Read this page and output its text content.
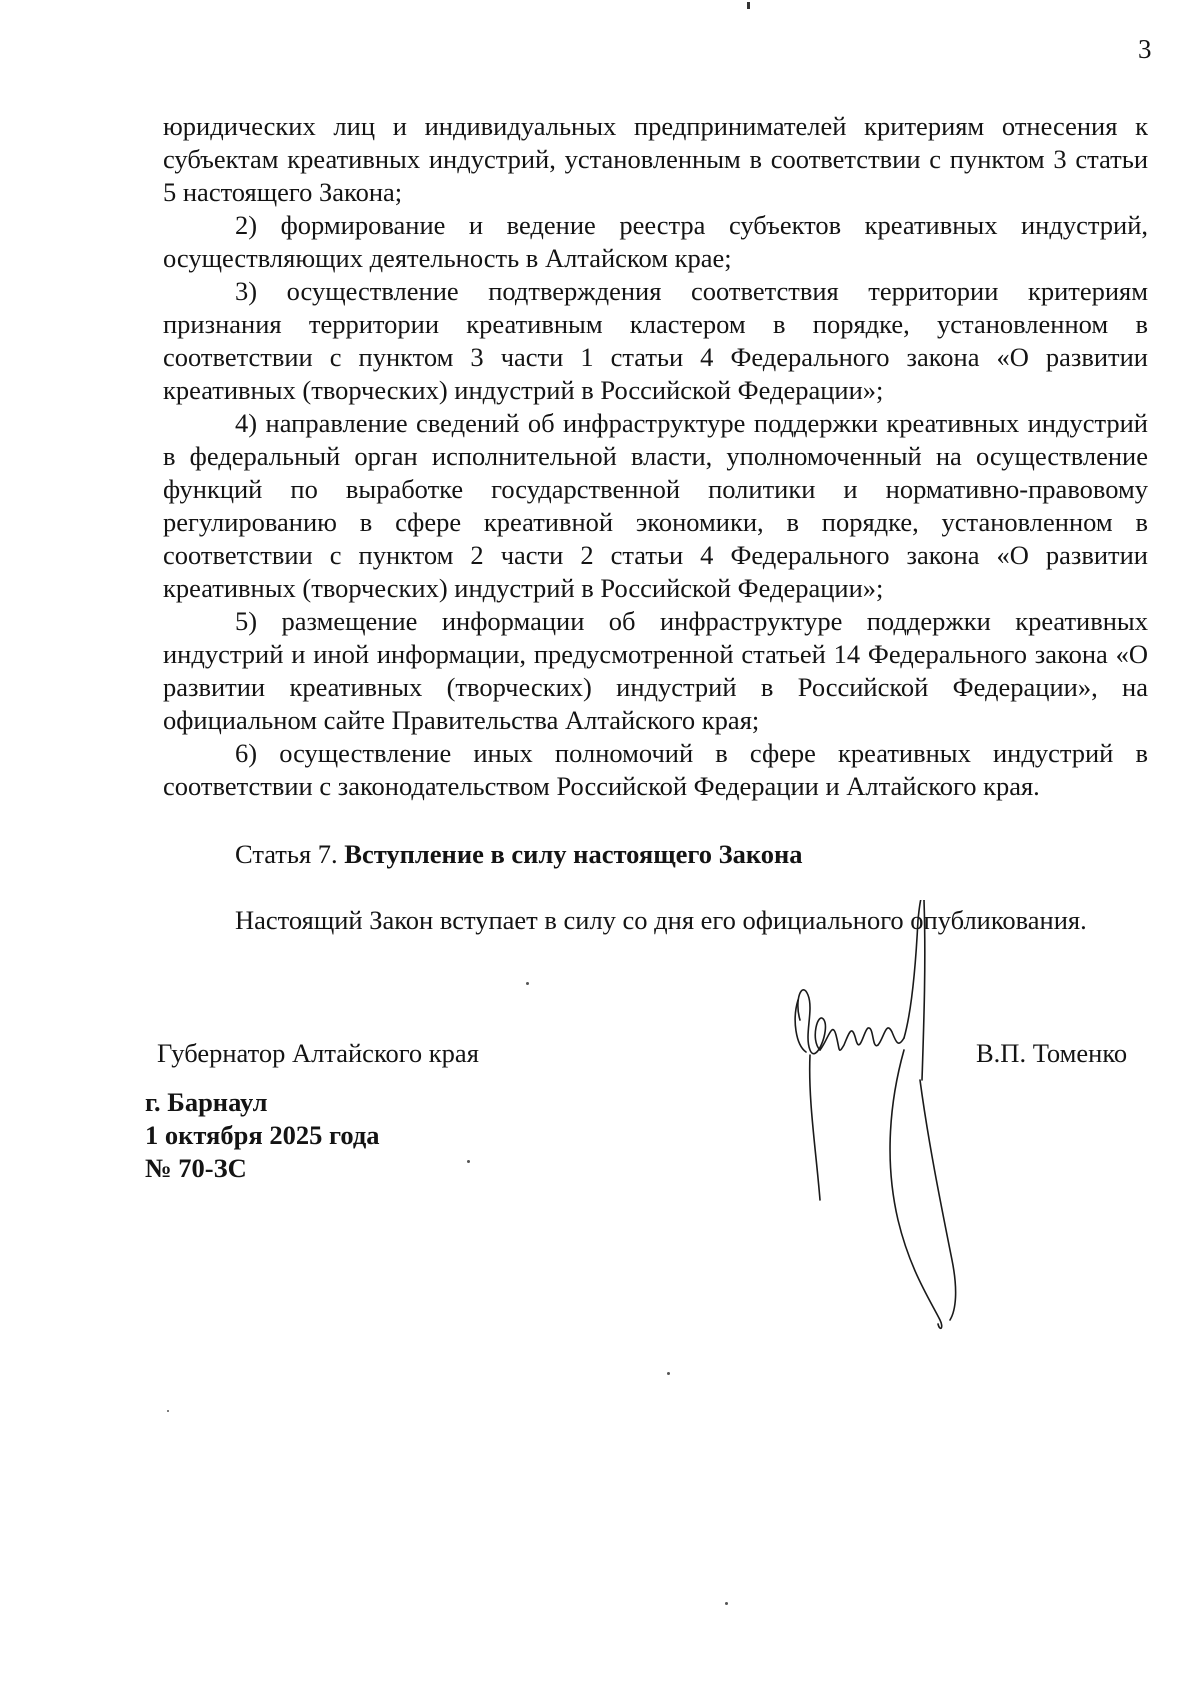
3

юридических лиц и индивидуальных предпринимателей критериям отнесения к субъектам креативных индустрий, установленным в соответствии с пунктом 3 статьи 5 настоящего Закона;

2) формирование и ведение реестра субъектов креативных индустрий, осуществляющих деятельность в Алтайском крае;

3) осуществление подтверждения соответствия территории критериям признания территории креативным кластером в порядке, установленном в соответствии с пунктом 3 части 1 статьи 4 Федерального закона «О развитии креативных (творческих) индустрий в Российской Федерации»;

4) направление сведений об инфраструктуре поддержки креативных индустрий в федеральный орган исполнительной власти, уполномоченный на осуществление функций по выработке государственной политики и нормативно-правовому регулированию в сфере креативной экономики, в порядке, установленном в соответствии с пунктом 2 части 2 статьи 4 Федерального закона «О развитии креативных (творческих) индустрий в Российской Федерации»;

5) размещение информации об инфраструктуре поддержки креативных индустрий и иной информации, предусмотренной статьей 14 Федерального закона «О развитии креативных (творческих) индустрий в Российской Федерации», на официальном сайте Правительства Алтайского края;

6) осуществление иных полномочий в сфере креативных индустрий в соответствии с законодательством Российской Федерации и Алтайского края.

Статья 7. Вступление в силу настоящего Закона
Настоящий Закон вступает в силу со дня его официального опубликования.
Губернатор Алтайского края	В.П. Томенко
г. Барнаул
1 октября 2025 года
№ 70-ЗС
